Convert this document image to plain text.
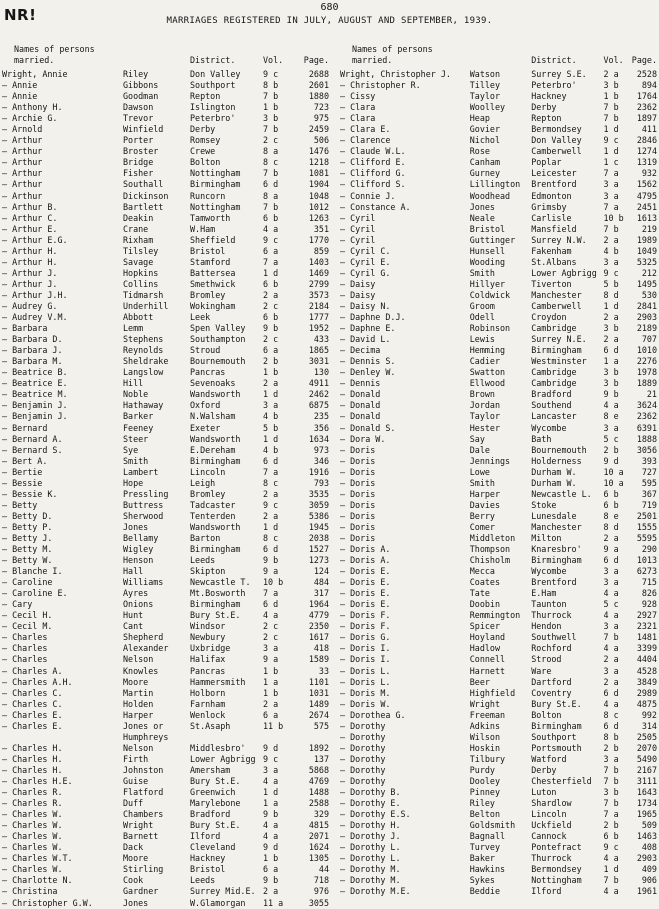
NR!	680
MARRIAGES REGISTERED IN JULY, AUGUST AND SEPTEMBER, 1939.
Names of persons married.	District.	Vol.	Page.
Wright, Annie	Riley	Don Valley	9 c	2688
— Annie	Gibbons	Southport	8 b	2601
— Annie	Goodman	Repton	7 b	1880
— Anthony H.	Dawson	Islington	1 b	723
— Archie G.	Trevor	Peterbro'	3 b	975
— Arnold	Winfield	Derby	7 b	2459
— Arthur	Porter	Romsey	2 c	506
— Arthur	Broster	Crewe	8 a	1476
— Arthur	Bridge	Bolton	8 c	1218
— Arthur	Fisher	Nottingham	7 b	1081
— Arthur	Southall	Birmingham	6 d	1904
— Arthur	Dickinson	Runcorn	8 a	1048
— Arthur B.	Bartlett	Nottingham	7 b	1012
— Arthur C.	Deakin	Tamworth	6 b	1263
— Arthur E.	Crane	W.Ham	4 a	351
— Arthur E.G.	Rixham	Sheffield	9 c	1770
— Arthur H.	Tilsley	Bristol	6 a	859
— Arthur H.	Savage	Stamford	7 a	1403
— Arthur J.	Hopkins	Battersea	1 d	1469
— Arthur J.	Collins	Smethwick	6 b	2799
— Arthur J.H.	Tidmarsh	Bromley	2 a	3573
— Audrey G.	Underhill	Wokingham	2 c	2184
— Audrey V.M.	Abbott	Leek	6 b	1777
— Barbara	Lemm	Spen Valley	9 b	1952
— Barbara D.	Stephens	Southampton	2 c	433
— Barbara J.	Reynolds	Stroud	6 a	1865
— Barbara M.	Sheldrake	Bournemouth	2 b	3031
— Beatrice B.	Langslow	Pancras	1 b	130
— Beatrice E.	Hill	Sevenoaks	2 a	4911
— Beatrice M.	Noble	Wandsworth	1 d	2462
— Benjamin J.	Hathaway	Oxford	3 a	6875
— Benjamin J.	Barker	N.Walsham	4 b	235
— Bernard	Feeney	Exeter	5 b	356
— Bernard A.	Steer	Wandsworth	1 d	1634
— Bernard S.	Sye	E.Dereham	4 b	973
— Bert A.	Smith	Birmingham	6 d	346
— Bertie	Lambert	Lincoln	7 a	1916
— Bessie	Hope	Leigh	8 c	793
— Bessie K.	Pressling	Bromley	2 a	3535
— Betty	Buttress	Tadcaster	9 c	3059
— Betty D.	Sherwood	Tenterden	2 a	5386
— Betty P.	Jones	Wandsworth	1 d	1945
— Betty J.	Bellamy	Barton	8 c	2038
— Betty M.	Wigley	Birmingham	6 d	1527
— Betty W.	Henson	Leeds	9 b	1273
— Blanche I.	Hall	Skipton	9 a	124
— Caroline	Williams	Newcastle T.	10 b	484
— Caroline E.	Ayres	Mt.Bosworth	7 a	317
— Cary	Onions	Birmingham	6 d	1964
— Cecil H.	Hunt	Bury St.E.	4 a	4779
— Cecil M.	Cant	Windsor	2 c	2350
— Charles	Shepherd	Newbury	2 c	1617
— Charles	Alexander	Uxbridge	3 a	418
— Charles	Nelson	Halifax	9 a	1589
— Charles A.	Knowles	Pancras	1 b	33
— Charles A.H.	Moore	Hammersmith	1 a	1101
— Charles C.	Martin	Holborn	1 b	1031
— Charles C.	Holden	Farnham	2 a	1489
— Charles E.	Harper	Wenlock	6 a	2674
— Charles E.	Jones or	St.Asaph	11 b	575
Humphreys
— Charles H.	Nelson	Middlesbro'	9 d	1892
— Charles H.	Firth	Lower Agbrigg 9 c	137
— Charles H.	Johnston	Amersham	3 a	5868
— Charles H.E.	Guise	Bury St.E.	4 a	4769
— Charles R.	Flatford	Greenwich	1 d	1488
— Charles R.	Duff	Marylebone	1 a	2588
— Charles W.	Chambers	Bradford	9 b	329
— Charles W.	Wright	Bury St.E.	4 a	4815
— Charles W.	Barnett	Ilford	4 a	2071
— Charles W.	Dack	Cleveland	9 d	1624
— Charles W.T.	Moore	Hackney	1 b	1305
— Charles W.	Stirling	Bristol	6 a	44
— Charlotte N.	Cook	Leeds	9 b	718
— Christina	Gardner	Surrey Mid.E. 2 a	976
— Christopher G.W.	Jones	W.Glamorgan	11 a	3055
Names of persons married.	District.	Vol. Page.
Wright, Christopher J.	Watson	Surrey S.E.	2 a	2528
— Christopher R.	Tilley	Peterbro'	3 b	894
— Cissy	Taylor	Hackney	1 b	1764
— Clara	Woolley	Derby	7 b	2362
— Clara	Heap	Repton	7 b	1897
— Clara E.	Govier	Bermondsey	1 d	411
— Clarence	Nichol	Don Valley	9 c	2846
— Claude W.L.	Rose	Camberwell	1 d	1274
— Clifford E.	Canham	Poplar	1 c	1319
— Clifford G.	Gurney	Leicester	7 a	932
— Clifford S.	Lillington	Brentford	3 a	1562
— Connie J.	Woodhead	Edmonton	3 a	4795
— Constance A.	Jones	Grimsby	7 a	2451
— Cyril	Neale	Carlisle	10 b	1613
— Cyril	Bristol	Mansfield	7 b	219
— Cyril	Guttinger	Surrey N.W.	2 a	1989
— Cyril C.	Hunsell	Fakenham	4 b	1049
— Cyril E.	Wooding	St.Albans	3 a	5325
— Cyril G.	Smith	Lower Agbrigg 9 c	212
— Daisy	Hillyer	Tiverton	5 b	1495
— Daisy	Coldwick	Manchester	8 d	530
— Daisy N.	Groom	Camberwell	1 d	2841
— Daphne D.J.	Odell	Croydon	2 a	2903
— Daphne E.	Robinson	Cambridge	3 b	2189
— David L.	Lewis	Surrey N.E.	2 a	707
— Decima	Hemming	Birmingham	6 d	1010
— Dennis S.	Cadier	Westminster	1 a	2276
— Denley W.	Swatton	Cambridge	3 b	1978
— Dennis	Ellwood	Cambridge	3 b	1889
— Donald	Brown	Bradford	9 b	21
— Donald	Jordan	Southend	4 a	3624
— Donald	Taylor	Lancaster	8 e	2362
— Donald S.	Hester	Wycombe	3 a	6391
— Dora W.	Say	Bath	5 c	1888
— Doris	Dale	Bournemouth	2 b	3056
— Doris	Jennings	Holderness	9 d	393
— Doris	Lowe	Durham W.	10 a	727
— Doris	Smith	Durham W.	10 a	595
— Doris	Harper	Newcastle L.	6 b	367
— Doris	Davies	Stoke	6 b	719
— Doris	Berry	Lunesdale	8 e	2501
— Doris	Comer	Manchester	8 d	1555
— Doris	Middleton	Milton	2 a	5595
— Doris A.	Thompson	Knaresbro'	9 a	290
— Doris A.	Chisholm	Birmingham	6 d	1013
— Doris E.	Mecca	Wycombe	3 a	6273
— Doris E.	Coates	Brentford	3 a	715
— Doris E.	Tate	E.Ham	4 a	826
— Doris E.	Doobin	Taunton	5 c	928
— Doris F.	Remmington	Thurrock	4 a	2927
— Doris F.	Spicer	Hendon	3 a	2321
— Doris G.	Hoyland	Southwell	7 b	1481
— Doris I.	Hadlow	Rochford	4 a	3399
— Doris I.	Connell	Strood	2 a	4404
— Doris L.	Harnett	Ware	3 a	4528
— Doris L.	Beer	Dartford	2 a	3849
— Doris M.	Highfield	Coventry	6 d	2989
— Doris W.	Wright	Bury St.E.	4 a	4875
— Dorothea G.	Freeman	Bolton	8 c	992
— Dorothy	Adkins	Birmingham	6 d	314
— Dorothy	Wilson	Southport	8 b	2505
— Dorothy	Hoskin	Portsmouth	2 b	2070
— Dorothy	Tilbury	Watford	3 a	5490
— Dorothy	Purdy	Derby	7 b	2167
— Dorothy	Dooley	Chesterfield	7 b	3111
— Dorothy B.	Pinney	Luton	3 b	1643
— Dorothy E.	Riley	Shardlow	7 b	1734
— Dorothy E.S.	Belton	Lincoln	7 a	1965
— Dorothy H.	Goldsmith	Uckfield	2 b	509
— Dorothy J.	Bagnall	Cannock	6 b	1463
— Dorothy L.	Turvey	Pontefract	9 c	408
— Dorothy L.	Baker	Thurrock	4 a	2903
— Dorothy M.	Hawkins	Bermondsey	1 d	409
— Dorothy M.	Sykes	Nottingham	7 b	906
— Dorothy M.E.	Beddie	Ilford	4 a	1961
